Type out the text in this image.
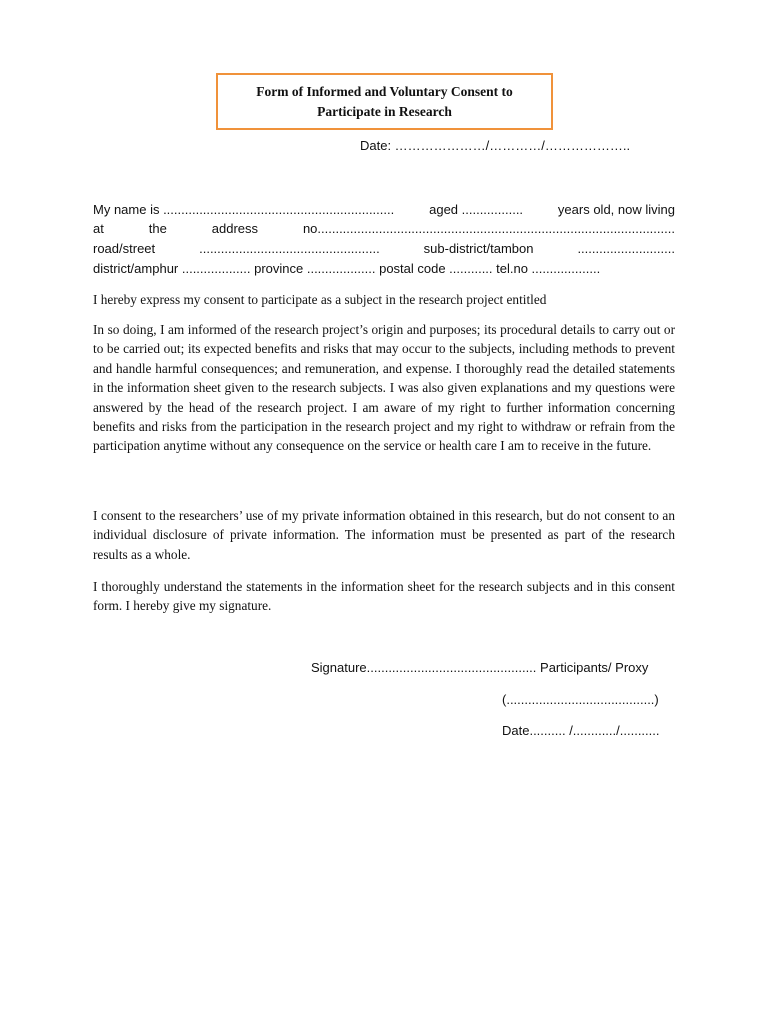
Form of Informed and Voluntary Consent to
Participate in Research
Date: …………………/…………/………………..
My name is ................................................................	aged .................	years old, now living
at	the	address	no...................................................................................................
road/street	..................................................	sub-district/tambon	...........................
district/amphur ................... province ................... postal code ............ tel.no ...................
I hereby express my consent to participate as a subject in the research project entitled
In so doing, I am informed of the research project’s origin and purposes; its procedural details to carry out or to be carried out; its expected benefits and risks that may occur to the subjects, including methods to prevent and handle harmful consequences; and remuneration, and expense. I thoroughly read the detailed statements in the information sheet given to the research subjects. I was also given explanations and my questions were answered by the head of the research project. I am aware of my right to further information concerning benefits and risks from the participation in the research project and my right to withdraw or refrain from the participation anytime without any consequence on the service or health care I am to receive in the future.
I consent to the researchers’ use of my private information obtained in this research, but do not consent to an individual disclosure of private information. The information must be presented as part of the research results as a whole.
I thoroughly understand the statements in the information sheet for the research subjects and in this consent form. I hereby give my signature.
Signature............................................... Participants/ Proxy
(.........................................)
Date.......... /............/...........
